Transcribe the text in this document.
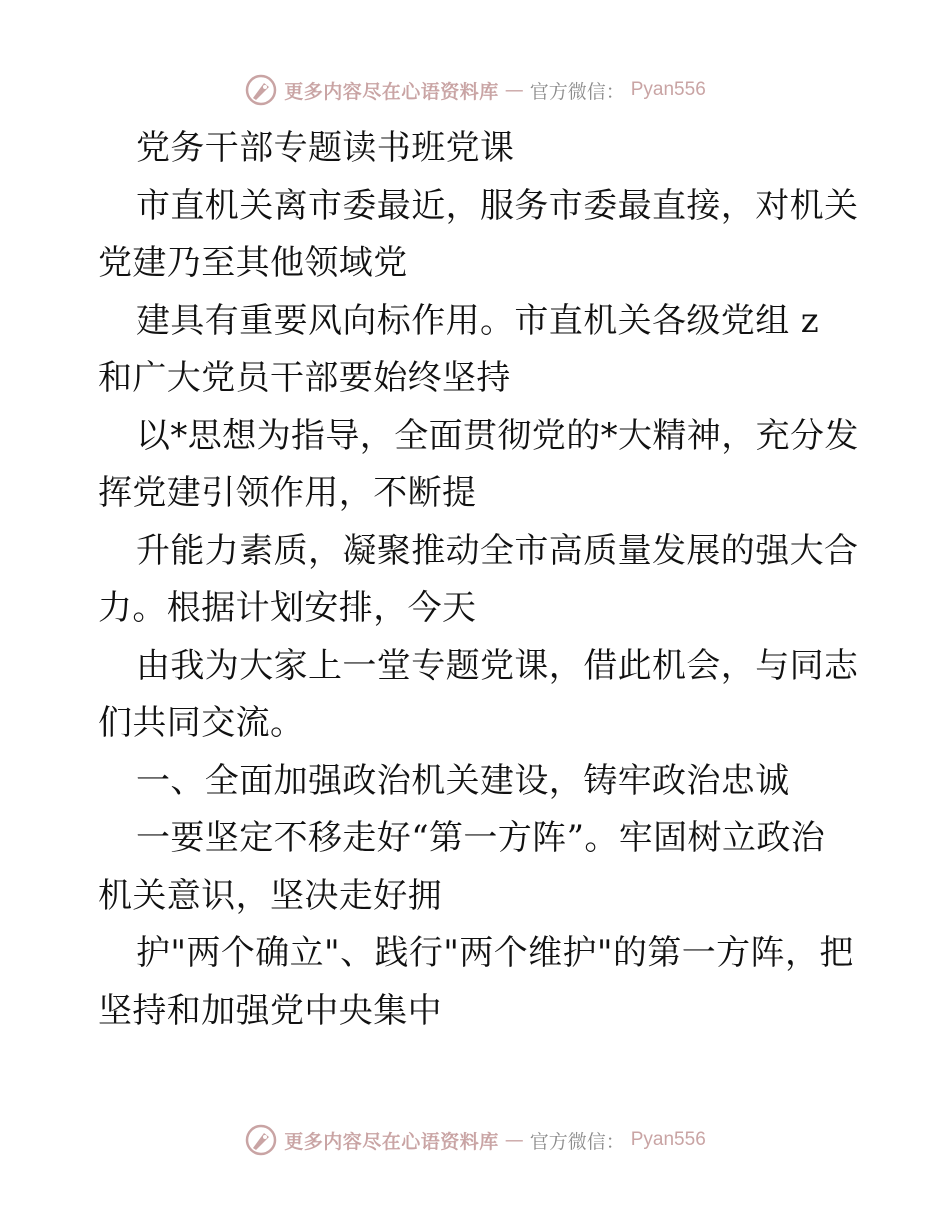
更多内容尽在心语资料库 — 官方微信： Pyan556
党务干部专题读书班党课
市直机关离市委最近，服务市委最直接，对机关
党建乃至其他领域党
建具有重要风向标作用。市直机关各级党组 z
和广大党员干部要始终坚持
以*思想为指导，全面贯彻党的*大精神，充分发
挥党建引领作用，不断提
升能力素质，凝聚推动全市高质量发展的强大合
力。根据计划安排，今天
由我为大家上一堂专题党课，借此机会，与同志
们共同交流。
一、全面加强政治机关建设，铸牢政治忠诚
一要坚定不移走好“第一方阵”。牢固树立政治
机关意识，坚决走好拥
护"两个确立"、践行"两个维护"的第一方阵，把
坚持和加强党中央集中
更多内容尽在心语资料库 — 官方微信： Pyan556
